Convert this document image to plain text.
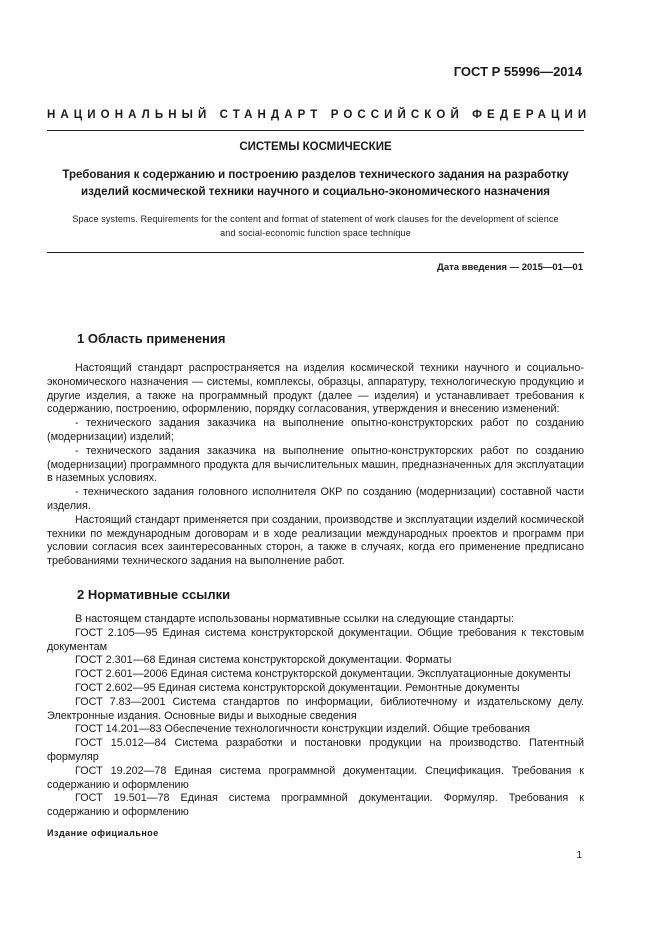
ГОСТ Р 55996—2014
НАЦИОНАЛЬНЫЙ СТАНДАРТ РОССИЙСКОЙ ФЕДЕРАЦИИ
СИСТЕМЫ КОСМИЧЕСКИЕ
Требования к содержанию и построению разделов технического задания на разработку
изделий космической техники научного и социально-экономического назначения
Space systems. Requirements for the content and format of statement of work clauses for the development of science
and social-economic function space technique
Дата введения — 2015—01—01
1 Область применения

Настоящий стандарт распространяется на изделия космической техники научного и социально-экономического назначения — системы, комплексы, образцы, аппаратуру, технологическую продукцию и другие изделия, а также на программный продукт (далее — изделия) и устанавливает требования к содержанию, построению, оформлению, порядку согласования, утверждения и внесению изменений:

- технического задания заказчика на выполнение опытно-конструкторских работ по созданию (модернизации) изделий;

- технического задания заказчика на выполнение опытно-конструкторских работ по созданию (модернизации) программного продукта для вычислительных машин, предназначенных для эксплуатации в наземных условиях.

- технического задания головного исполнителя ОКР по созданию (модернизации) составной части изделия.

Настоящий стандарт применяется при создании, производстве и эксплуатации изделий космической техники по международным договорам и в ходе реализации международных проектов и программ при условии согласия всех заинтересованных сторон, а также в случаях, когда его применение предписано требованиями технического задания на выполнение работ.

2 Нормативные ссылки

В настоящем стандарте использованы нормативные ссылки на следующие стандарты:

ГОСТ 2.105—95 Единая система конструкторской документации. Общие требования к текстовым документам

ГОСТ 2.301—68 Единая система конструкторской документации. Форматы

ГОСТ 2.601—2006 Единая система конструкторской документации. Эксплуатационные документы

ГОСТ 2.602—95 Единая система конструкторской документации. Ремонтные документы

ГОСТ 7.83—2001 Система стандартов по информации, библиотечному и издательскому делу. Электронные издания. Основные виды и выходные сведения

ГОСТ 14.201—83 Обеспечение технологичности конструкции изделий. Общие требования

ГОСТ 15.012—84 Система разработки и постановки продукции на производство. Патентный формуляр

ГОСТ 19.202—78 Единая система программной документации. Спецификация. Требования к содержанию и оформлению

ГОСТ 19.501—78 Единая система программной документации. Формуляр. Требования к содержанию и оформлению

Издание официальное
1
